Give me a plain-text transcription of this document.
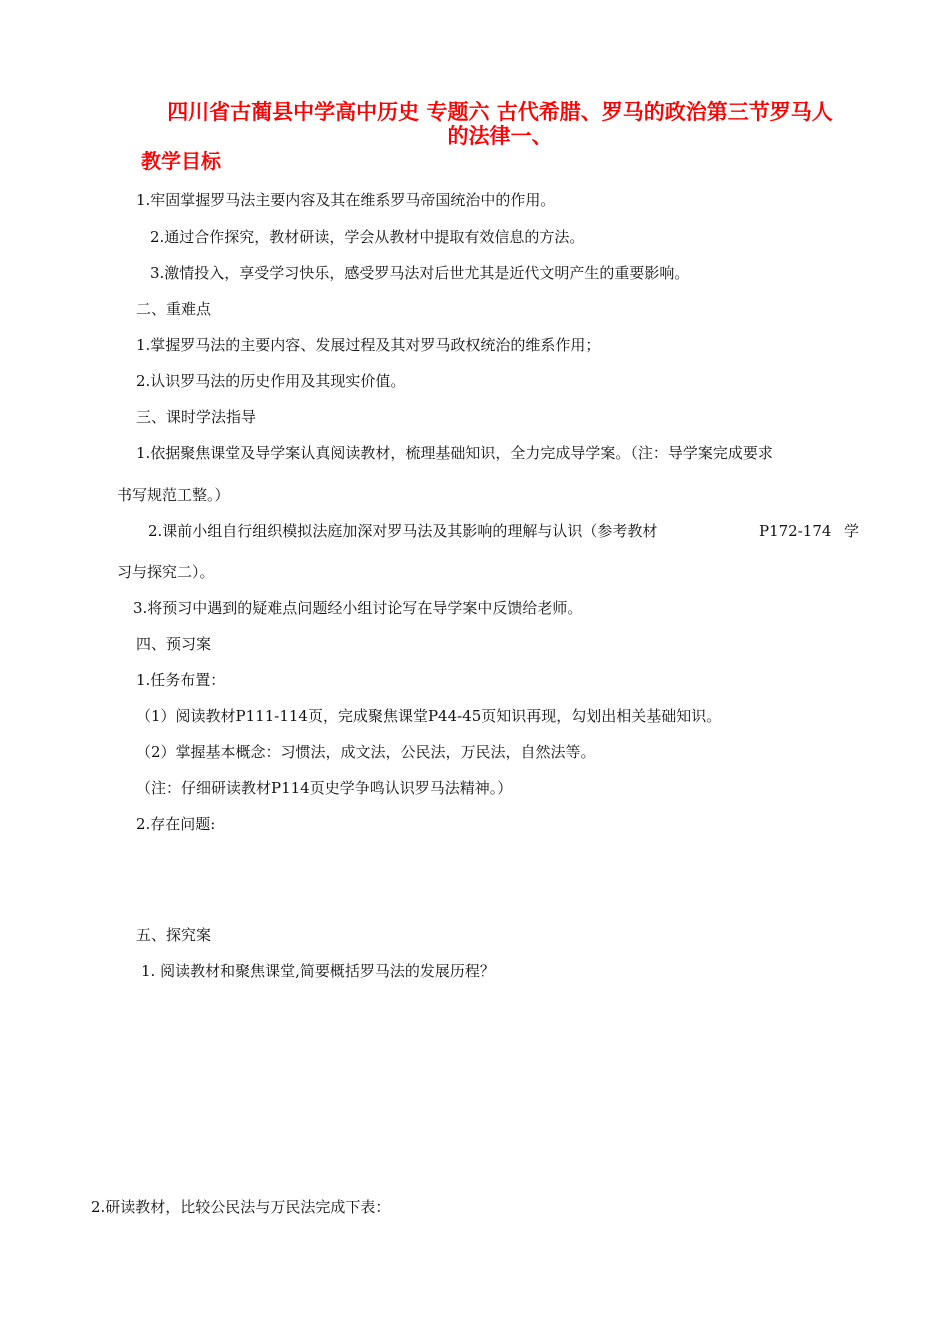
四川省古蔺县中学高中历史 专题六 古代希腊、罗马的政治第三节罗马人
的法律一、
教学目标
1.牢固掌握罗马法主要内容及其在维系罗马帝国统治中的作用。
2.通过合作探究，教材研读，学会从教材中提取有效信息的方法。
3.激情投入，享受学习快乐，感受罗马法对后世尤其是近代文明产生的重要影响。
二、重难点
1.掌握罗马法的主要内容、发展过程及其对罗马政权统治的维系作用；
2.认识罗马法的历史作用及其现实价值。
三、课时学法指导
1.依据聚焦课堂及导学案认真阅读教材，梳理基础知识，全力完成导学案。（注：导学案完成要求
书写规范工整。）
2.课前小组自行组织模拟法庭加深对罗马法及其影响的理解与认识（参考教材	P172-174 学
习与探究二）。
3.将预习中遇到的疑难点问题经小组讨论写在导学案中反馈给老师。
四、预习案
1.任务布置：
（1）阅读教材P111-114页，完成聚焦课堂P44-45页知识再现，勾划出相关基础知识。
（2）掌握基本概念：习惯法，成文法，公民法，万民法，自然法等。
（注：仔细研读教材P114页史学争鸣认识罗马法精神。）
2.存在问题:
五、探究案
1. 阅读教材和聚焦课堂,简要概括罗马法的发展历程？
2.研读教材，比较公民法与万民法完成下表：
